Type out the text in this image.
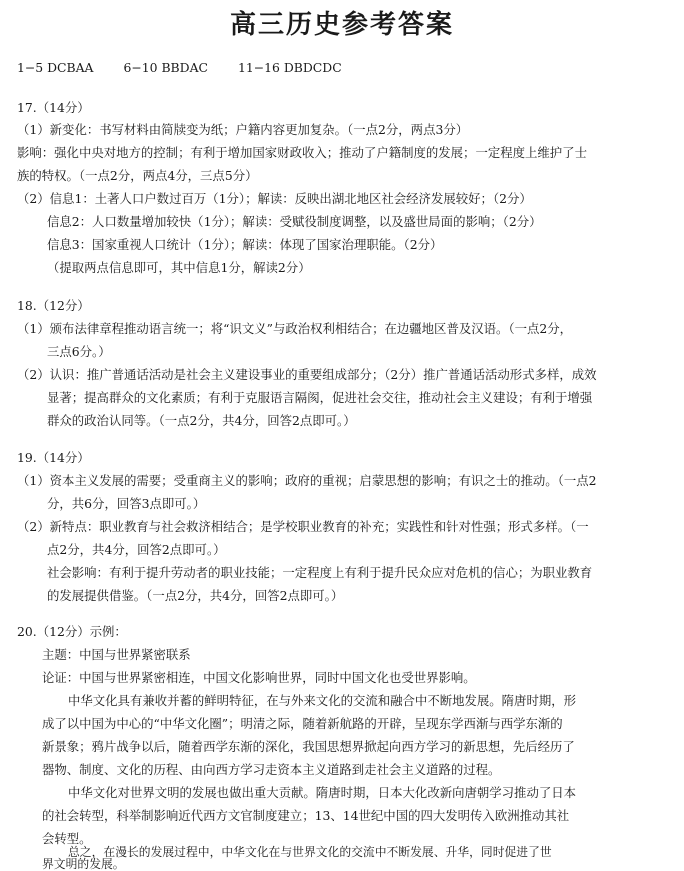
高三历史参考答案
1−5 DCBAA 6−10 BBDAC 11−16 DBDCDC
17.（14分）
（1）新变化：书写材料由简牍变为纸；户籍内容更加复杂。（一点2分，两点3分）
影响：强化中央对地方的控制；有利于增加国家财政收入；推动了户籍制度的发展；一定程度上维护了士
族的特权。（一点2分，两点4分，三点5分）
（2）信息1：土著人口户数过百万（1分）；解读：反映出湖北地区社会经济发展较好；（2分）
信息2：人口数量增加较快（1分）；解读：受赋役制度调整，以及盛世局面的影响；（2分）
信息3：国家重视人口统计（1分）；解读：体现了国家治理职能。（2分）
（提取两点信息即可，其中信息1分，解读2分）
18.（12分）
（1）颁布法律章程推动语言统一；将“识文义”与政治权利相结合；在边疆地区普及汉语。（一点2分，
三点6分。）
（2）认识：推广普通话活动是社会主义建设事业的重要组成部分；（2分）推广普通话活动形式多样，成效
显著；提高群众的文化素质；有利于克服语言隔阂，促进社会交往，推动社会主义建设；有利于增强
群众的政治认同等。（一点2分，共4分，回答2点即可。）
19.（14分）
（1）资本主义发展的需要；受重商主义的影响；政府的重视；启蒙思想的影响；有识之士的推动。（一点2
分，共6分，回答3点即可。）
（2）新特点：职业教育与社会救济相结合；是学校职业教育的补充；实践性和针对性强；形式多样。（一
点2分，共4分，回答2点即可。）
社会影响：有利于提升劳动者的职业技能；一定程度上有利于提升民众应对危机的信心；为职业教育
的发展提供借鉴。（一点2分，共4分，回答2点即可。）
20.（12分）示例：
主题：中国与世界紧密联系
论证：中国与世界紧密相连，中国文化影响世界，同时中国文化也受世界影响。
中华文化具有兼收并蓄的鲜明特征，在与外来文化的交流和融合中不断地发展。隋唐时期，形
成了以中国为中心的“中华文化圈”；明清之际，随着新航路的开辟，呈现东学西渐与西学东渐的
新景象；鸦片战争以后，随着西学东渐的深化，我国思想界掀起向西方学习的新思想，先后经历了
器物、制度、文化的历程、由向西方学习走资本主义道路到走社会主义道路的过程。
中华文化对世界文明的发展也做出重大贡献。隋唐时期，日本大化改新向唐朝学习推动了日本
的社会转型，科举制影响近代西方文官制度建立；13、14世纪中国的四大发明传入欧洲推动其社
会转型。
总之，在漫长的发展过程中，中华文化在与世界文化的交流中不断发展、升华，同时促进了世
界文明的发展。
